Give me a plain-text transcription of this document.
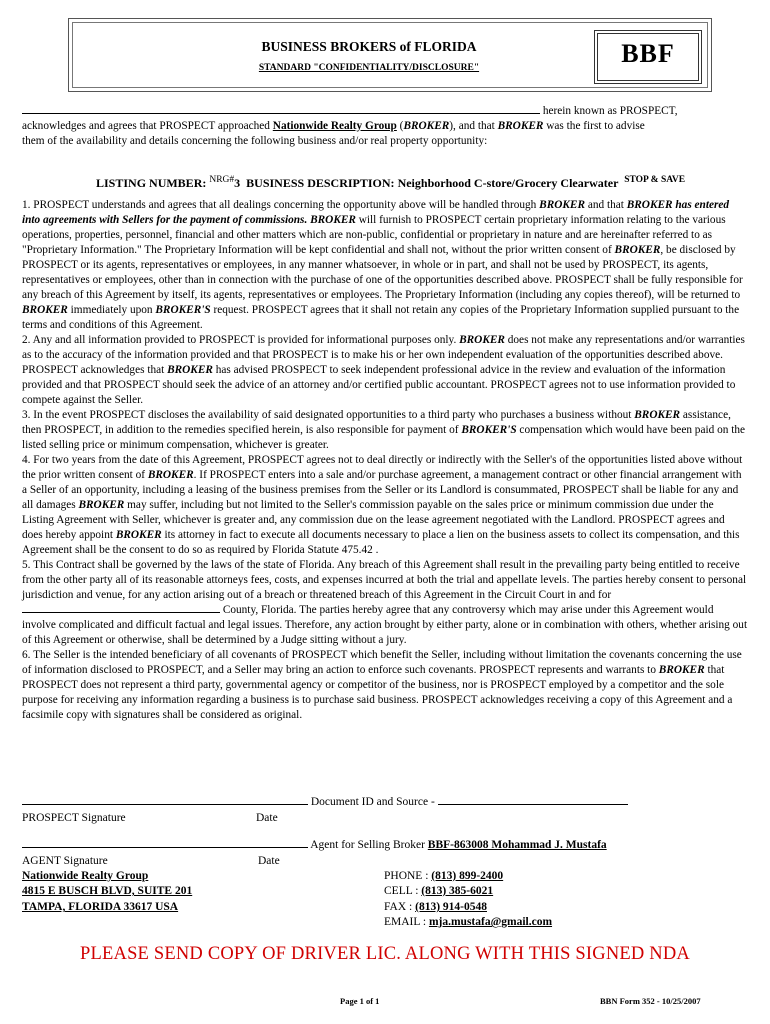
BUSINESS BROKERS of FLORIDA
STANDARD "CONFIDENTIALITY/DISCLOSURE"	BBF
herein known as PROSPECT,
acknowledges and agrees that PROSPECT approached Nationwide Realty Group (BROKER), and that BROKER was the first to advise
them of the availability and details concerning the following business and/or real property opportunity:
LISTING NUMBER: $^{NRG\#}$3 BUSINESS DESCRIPTION: Neighborhood C-store/Grocery Clearwater $^{STOP \& SAVE}$
1. PROSPECT understands and agrees that all dealings concerning the opportunity above will be handled through BROKER and that BROKER has entered into agreements with Sellers for the payment of commissions. BROKER will furnish to PROSPECT certain proprietary information relating to the various operations, properties, personnel, financial and other matters which are non-public, confidential or proprietary in nature and are hereinafter referred to as "Proprietary Information." The Proprietary Information will be kept confidential and shall not, without the prior written consent of BROKER, be disclosed by PROSPECT or its agents, representatives or employees, in any manner whatsoever, in whole or in part, and shall not be used by PROSPECT, its agents, representatives or employees, other than in connection with the purchase of one of the opportunities described above. PROSPECT shall be fully responsible for any breach of this Agreement by itself, its agents, representatives or employees. The Proprietary Information (including any copies thereof), will be returned to BROKER immediately upon BROKER'S request. PROSPECT agrees that it shall not retain any copies of the Proprietary Information supplied pursuant to the terms and conditions of this Agreement.
2. Any and all information provided to PROSPECT is provided for informational purposes only. BROKER does not make any representations and/or warranties as to the accuracy of the information provided and that PROSPECT is to make his or her own independent evaluation of the opportunities described above. PROSPECT acknowledges that BROKER has advised PROSPECT to seek independent professional advice in the review and evaluation of the information provided and that PROSPECT should seek the advice of an attorney and/or certified public accountant. PROSPECT agrees not to use information provided to compete against the Seller.
3. In the event PROSPECT discloses the availability of said designated opportunities to a third party who purchases a business without BROKER assistance, then PROSPECT, in addition to the remedies specified herein, is also responsible for payment of BROKER'S compensation which would have been paid on the listed selling price or minimum compensation, whichever is greater.
4. For two years from the date of this Agreement, PROSPECT agrees not to deal directly or indirectly with the Seller's of the opportunities listed above without the prior written consent of BROKER. If PROSPECT enters into a sale and/or purchase agreement, a management contract or other financial arrangement with a Seller of an opportunity, including a leasing of the business premises from the Seller or its Landlord is consummated, PROSPECT shall be liable for any and all damages BROKER may suffer, including but not limited to the Seller's commission payable on the sales price or minimum commission due under the Listing Agreement with Seller, whichever is greater and, any commission due on the lease agreement negotiated with the Landlord. PROSPECT agrees and does hereby appoint BROKER its attorney in fact to execute all documents necessary to place a lien on the business assets to collect its compensation, and this Agreement shall be the consent to do so as required by Florida Statute 475.42 .
5. This Contract shall be governed by the laws of the state of Florida. Any breach of this Agreement shall result in the prevailing party being entitled to receive from the other party all of its reasonable attorneys fees, costs, and expenses incurred at both the trial and appellate levels. The parties hereby consent to personal jurisdiction and venue, for any action arising out of a breach or threatened breach of this Agreement in the Circuit Court in and for  County, Florida. The parties hereby agree that any controversy which may arise under this Agreement would involve complicated and difficult factual and legal issues. Therefore, any action brought by either party, alone or in combination with others, whether arising out of this Agreement or otherwise, shall be determined by a Judge sitting without a jury.
6. The Seller is the intended beneficiary of all covenants of PROSPECT which benefit the Seller, including without limitation the covenants concerning the use of information disclosed to PROSPECT, and a Seller may bring an action to enforce such covenants. PROSPECT represents and warrants to BROKER that PROSPECT does not represent a third party, governmental agency or competitor of the business, nor is PROSPECT employed by a competitor and the sole purpose for receiving any information regarding a business is to purchase said business. PROSPECT acknowledges receiving a copy of this Agreement and a facsimile copy with signatures shall be considered as original.
Document ID and Source -
PROSPECT Signature	Date
Agent for Selling Broker BBF-863008 Mohammad J. Mustafa
AGENT Signature	Date
Nationwide Realty Group
4815 E BUSCH BLVD, SUITE 201
TAMPA, FLORIDA 33617 USA
PHONE : (813) 899-2400
CELL : (813) 385-6021
FAX : (813) 914-0548
EMAIL : mja.mustafa@gmail.com
PLEASE SEND COPY OF DRIVER LIC. ALONG WITH THIS SIGNED NDA
Page 1 of 1	BBN Form 352 - 10/25/2007
